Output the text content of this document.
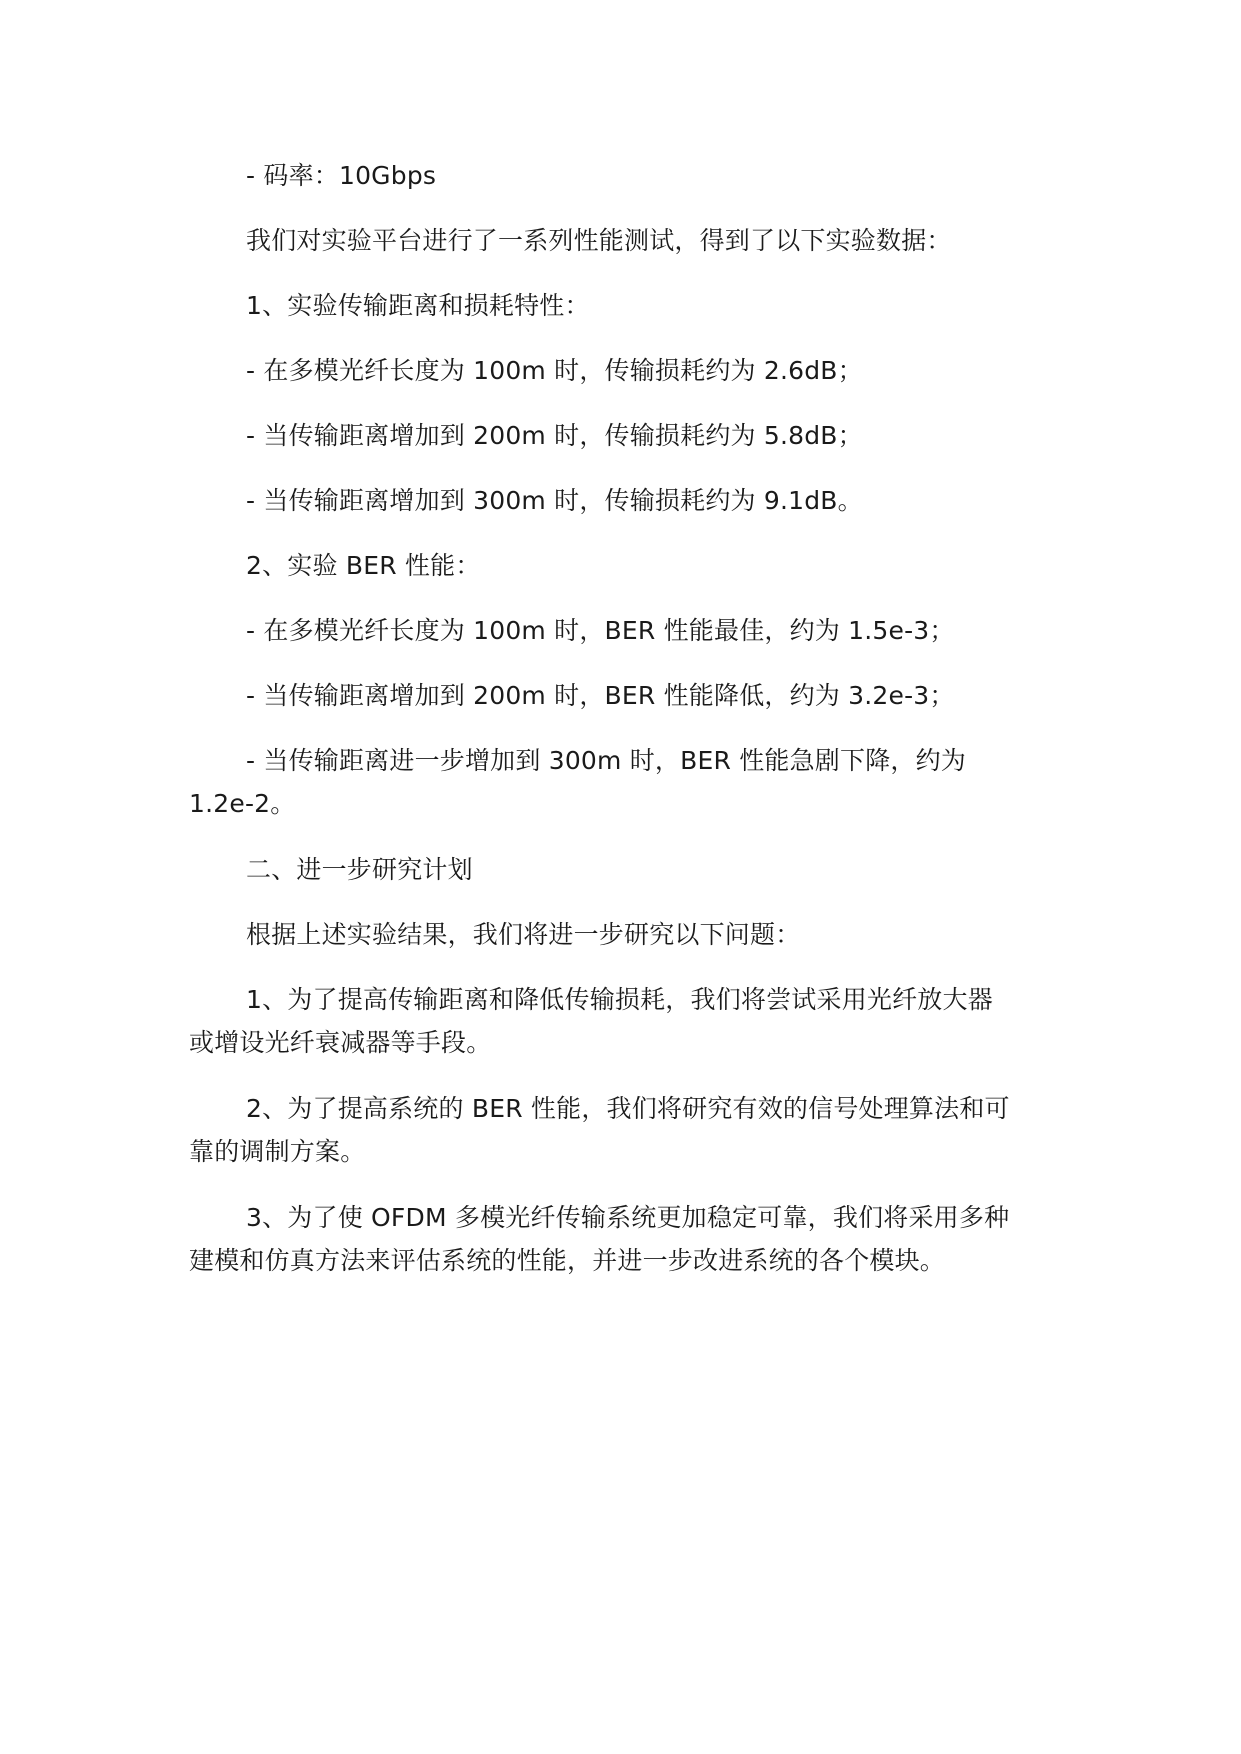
- 码率：10Gbps
我们对实验平台进行了一系列性能测试，得到了以下实验数据：
1、实验传输距离和损耗特性：
- 在多模光纤长度为 100m 时，传输损耗约为 2.6dB；
- 当传输距离增加到 200m 时，传输损耗约为 5.8dB；
- 当传输距离增加到 300m 时，传输损耗约为 9.1dB。
2、实验 BER 性能：
- 在多模光纤长度为 100m 时，BER 性能最佳，约为 1.5e-3；
- 当传输距离增加到 200m 时，BER 性能降低，约为 3.2e-3；
- 当传输距离进一步增加到 300m 时，BER 性能急剧下降，约为
1.2e-2。
二、进一步研究计划
根据上述实验结果，我们将进一步研究以下问题：
1、为了提高传输距离和降低传输损耗，我们将尝试采用光纤放大器
或增设光纤衰减器等手段。
2、为了提高系统的 BER 性能，我们将研究有效的信号处理算法和可
靠的调制方案。
3、为了使 OFDM 多模光纤传输系统更加稳定可靠，我们将采用多种
建模和仿真方法来评估系统的性能，并进一步改进系统的各个模块。
